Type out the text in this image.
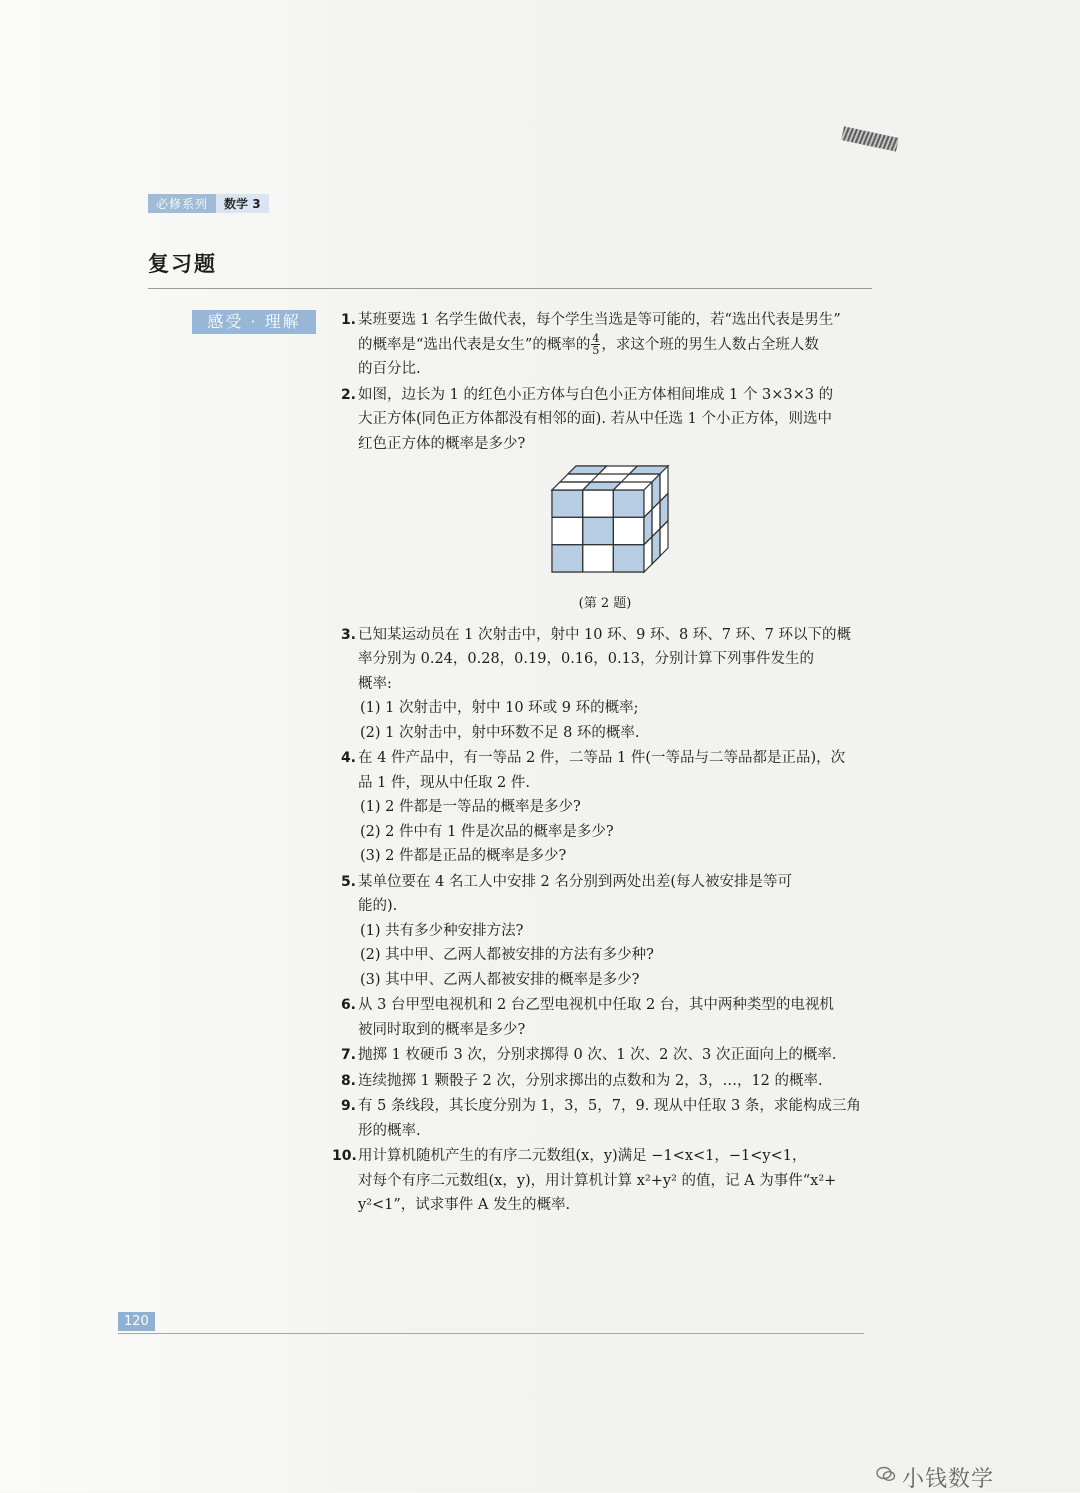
必修系列	数学 3
复习题
感受 · 理解	1. 某班要选 1 名学生做代表，每个学生当选是等可能的，若“选出代表是男生”
的概率是“选出代表是女生”的概率的 $\frac{4}{5}$ ，求这个班的男生人数占全班人数
的百分比.
2. 如图，边长为 1 的红色小正方体与白色小正方体相间堆成 1 个 3×3×3 的
大正方体(同色正方体都没有相邻的面). 若从中任选 1 个小正方体，则选中
红色正方体的概率是多少?
(第 2 题)
3. 已知某运动员在 1 次射击中，射中 10 环、9 环、8 环、7 环、7 环以下的概
率分别为 0.24，0.28，0.19，0.16，0.13，分别计算下列事件发生的
概率:
(1) 1 次射击中，射中 10 环或 9 环的概率;
(2) 1 次射击中，射中环数不足 8 环的概率.
4. 在 4 件产品中，有一等品 2 件，二等品 1 件(一等品与二等品都是正品)，次
品 1 件，现从中任取 2 件.
(1) 2 件都是一等品的概率是多少?
(2) 2 件中有 1 件是次品的概率是多少?
(3) 2 件都是正品的概率是多少?
5. 某单位要在 4 名工人中安排 2 名分别到两处出差(每人被安排是等可
能的).
(1) 共有多少种安排方法?
(2) 其中甲、乙两人都被安排的方法有多少种?
(3) 其中甲、乙两人都被安排的概率是多少?
6. 从 3 台甲型电视机和 2 台乙型电视机中任取 2 台，其中两种类型的电视机
被同时取到的概率是多少?
7. 抛掷 1 枚硬币 3 次，分别求掷得 0 次、1 次、2 次、3 次正面向上的概率.
8. 连续抛掷 1 颗骰子 2 次，分别求掷出的点数和为 2，3，…，12 的概率.
9. 有 5 条线段，其长度分别为 1，3，5，7，9. 现从中任取 3 条，求能构成三角
形的概率.
10. 用计算机随机产生的有序二元数组(x，y)满足 −1<x<1，−1<y<1，
对每个有序二元数组(x，y)，用计算机计算 x²+y² 的值，记 A 为事件“x²+
y²<1”，试求事件 A 发生的概率.
120
小钱数学
